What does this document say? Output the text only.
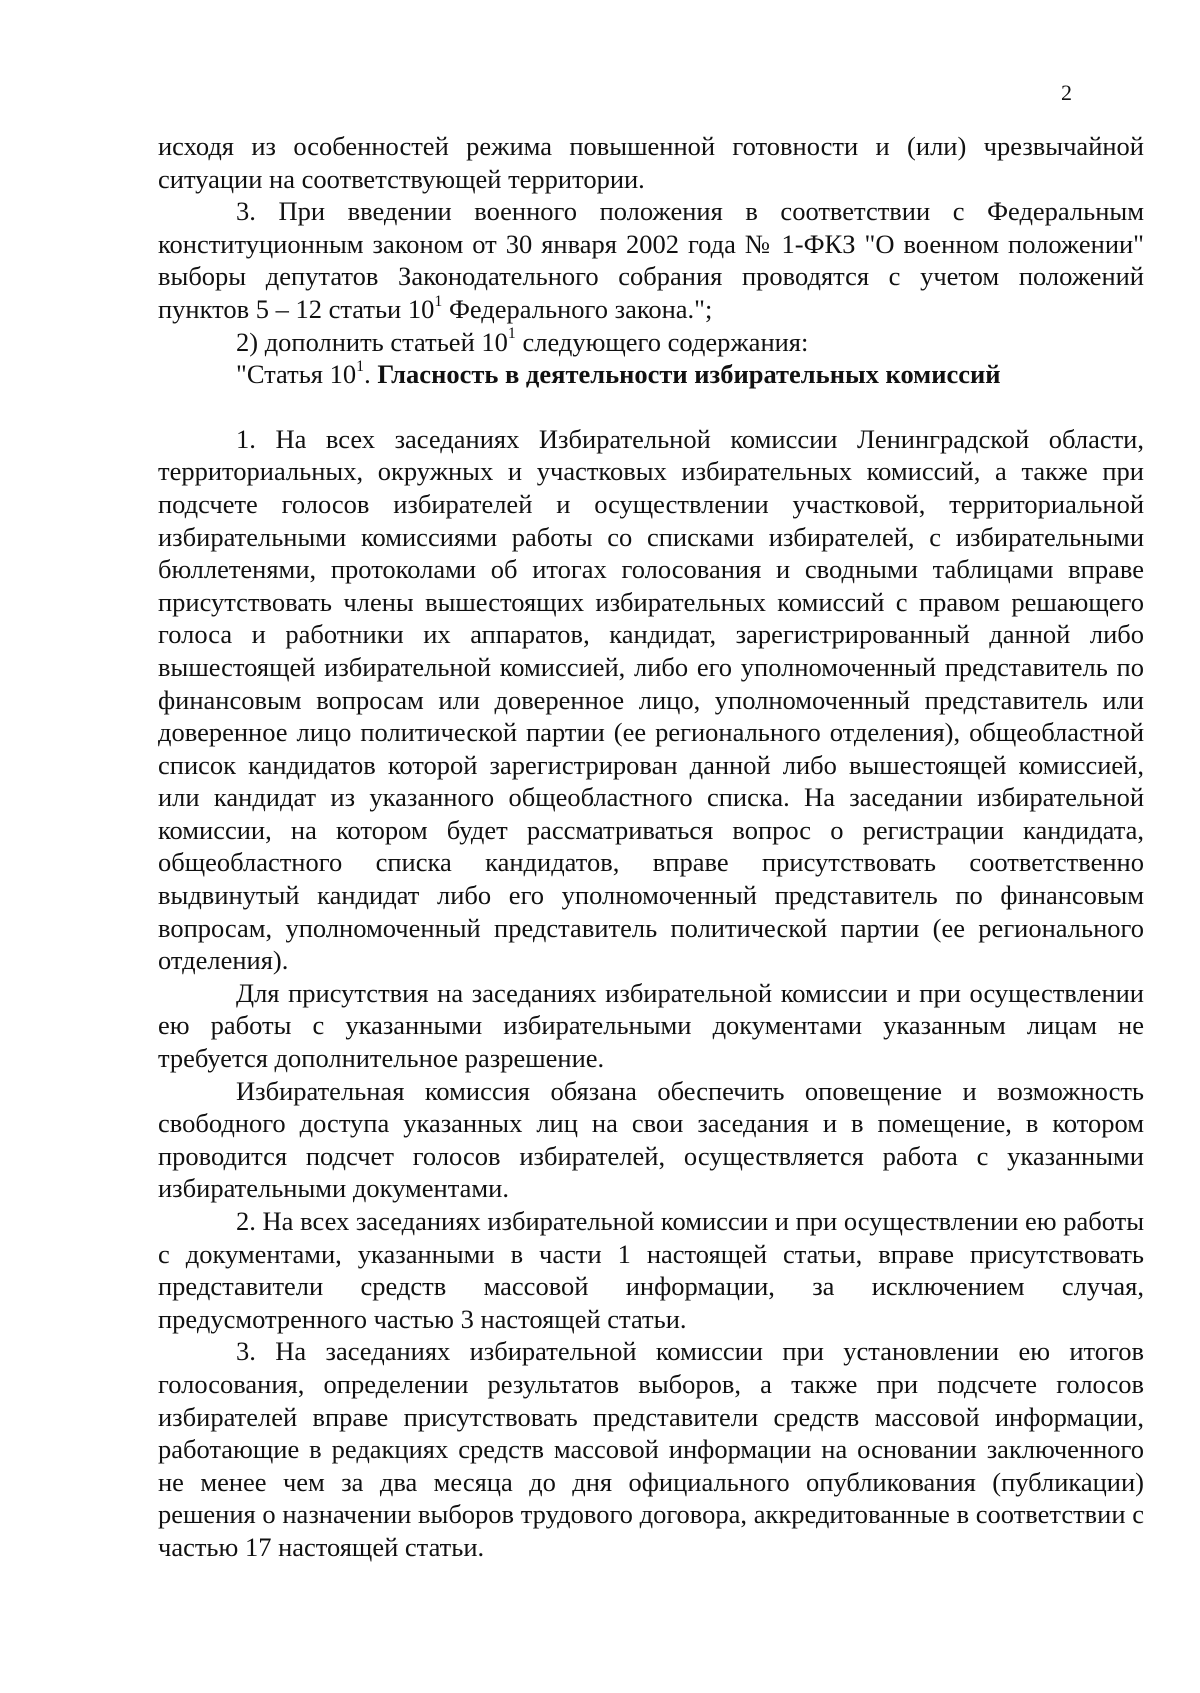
2

исходя из особенностей режима повышенной готовности и (или) чрезвычайной ситуации на соответствующей территории.

3. При введении военного положения в соответствии с Федеральным конституционным законом от 30 января 2002 года № 1-ФКЗ "О военном положении" выборы депутатов Законодательного собрания проводятся с учетом положений пунктов 5 – 12 статьи $10^1$ Федерального закона.";

2) дополнить статьей $10^1$ следующего содержания:

"Статья $10^1$. Гласность в деятельности избирательных комиссий

1. На всех заседаниях Избирательной комиссии Ленинградской области, территориальных, окружных и участковых избирательных комиссий, а также при подсчете голосов избирателей и осуществлении участковой, территориальной избирательными комиссиями работы со списками избирателей, с избирательными бюллетенями, протоколами об итогах голосования и сводными таблицами вправе присутствовать члены вышестоящих избирательных комиссий с правом решающего голоса и работники их аппаратов, кандидат, зарегистрированный данной либо вышестоящей избирательной комиссией, либо его уполномоченный представитель по финансовым вопросам или доверенное лицо, уполномоченный представитель или доверенное лицо политической партии (ее регионального отделения), общеобластной список кандидатов которой зарегистрирован данной либо вышестоящей комиссией, или кандидат из указанного общеобластного списка. На заседании избирательной комиссии, на котором будет рассматриваться вопрос о регистрации кандидата, общеобластного списка кандидатов, вправе присутствовать соответственно выдвинутый кандидат либо его уполномоченный представитель по финансовым вопросам, уполномоченный представитель политической партии (ее регионального отделения).

Для присутствия на заседаниях избирательной комиссии и при осуществлении ею работы с указанными избирательными документами указанным лицам не требуется дополнительное разрешение.

Избирательная комиссия обязана обеспечить оповещение и возможность свободного доступа указанных лиц на свои заседания и в помещение, в котором проводится подсчет голосов избирателей, осуществляется работа с указанными избирательными документами.

2. На всех заседаниях избирательной комиссии и при осуществлении ею работы с документами, указанными в части 1 настоящей статьи, вправе присутствовать представители средств массовой информации, за исключением случая, предусмотренного частью 3 настоящей статьи.

3. На заседаниях избирательной комиссии при установлении ею итогов голосования, определении результатов выборов, а также при подсчете голосов избирателей вправе присутствовать представители средств массовой информации, работающие в редакциях средств массовой информации на основании заключенного не менее чем за два месяца до дня официального опубликования (публикации) решения о назначении выборов трудового договора, аккредитованные в соответствии с частью 17 настоящей статьи.
